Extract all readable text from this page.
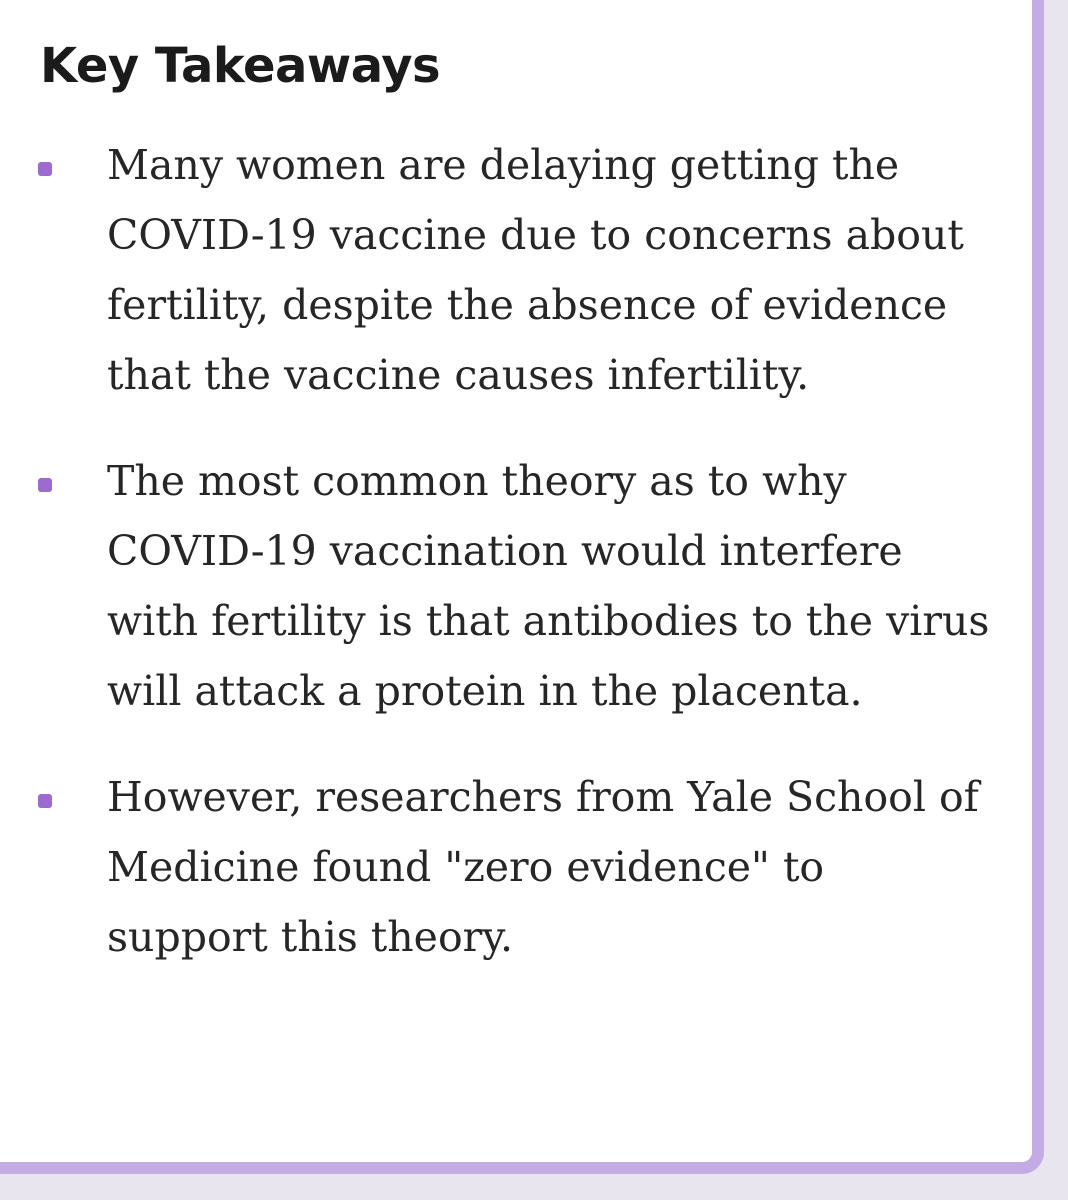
Key Takeaways
Many women are delaying getting the COVID-19 vaccine due to concerns about fertility, despite the absence of evidence that the vaccine causes infertility.
The most common theory as to why COVID-19 vaccination would interfere with fertility is that antibodies to the virus will attack a protein in the placenta.
However, researchers from Yale School of Medicine found "zero evidence" to support this theory.
